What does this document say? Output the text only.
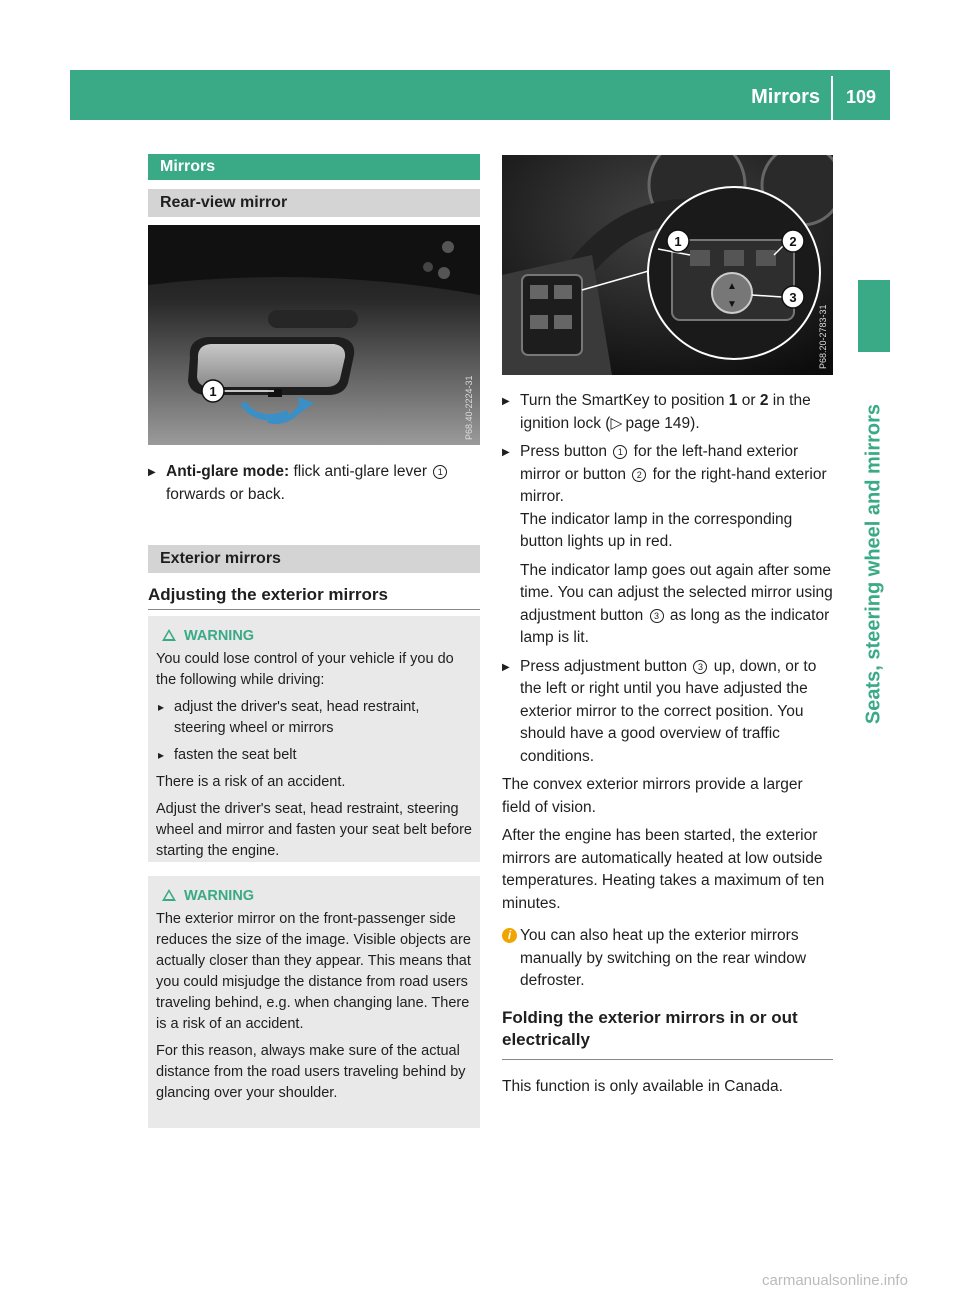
Mirrors 109
Seats, steering wheel and mirrors
Mirrors
Rear-view mirror
1	P68.40-2224-31
▶ Anti-glare mode: flick anti-glare lever 1
forwards or back.
Exterior mirrors
Adjusting the exterior mirrors
WARNING
You could lose control of your vehicle if you do the following while driving:
▸ adjust the driver's seat, head restraint, steering wheel or mirrors
▸ fasten the seat belt
There is a risk of an accident.
Adjust the driver's seat, head restraint, steering wheel and mirror and fasten your seat belt before starting the engine.
WARNING
The exterior mirror on the front-passenger side reduces the size of the image. Visible objects are actually closer than they appear. This means that you could misjudge the distance from road users traveling behind, e.g. when changing lane. There is a risk of an accident.
For this reason, always make sure of the actual distance from the road users traveling behind by glancing over your shoulder.
▲
▼
1	2
3
P68.20-2783-31
▶ Turn the SmartKey to position 1 or 2 in the ignition lock (▷ page 149).
▶ Press button 1 for the left-hand exterior mirror or button 2 for the right-hand exterior mirror.
The indicator lamp in the corresponding button lights up in red.
The indicator lamp goes out again after some time. You can adjust the selected mirror using adjustment button 3 as long as the indicator lamp is lit.
▶ Press adjustment button 3 up, down, or to the left or right until you have adjusted the exterior mirror to the correct position. You should have a good overview of traffic conditions.
The convex exterior mirrors provide a larger field of vision.
After the engine has been started, the exterior mirrors are automatically heated at low outside temperatures. Heating takes a maximum of ten minutes.
i You can also heat up the exterior mirrors manually by switching on the rear window defroster.
Folding the exterior mirrors in or out electrically
This function is only available in Canada.
carmanualsonline.info
